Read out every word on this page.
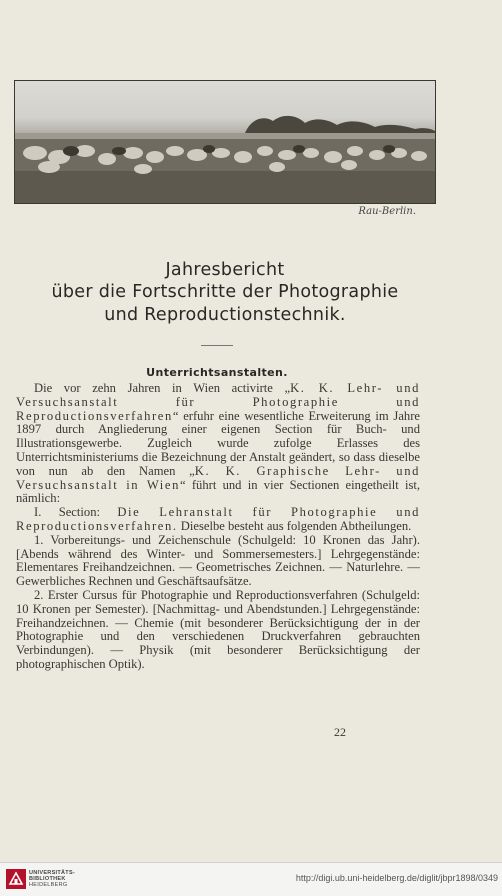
Rau-Berlin.
Jahresbericht
über die Fortschritte der Photographie
und Reproductionstechnik.
Unterrichtsanstalten.

Die vor zehn Jahren in Wien activirte „K. K. Lehr- und Versuchsanstalt für Photographie und Reproductionsverfahren“ erfuhr eine wesentliche Erweiterung im Jahre 1897 durch Angliederung einer eigenen Section für Buch- und Illustrationsgewerbe. Zugleich wurde zufolge Erlasses des Unterrichtsministeriums die Bezeichnung der Anstalt geändert, so dass dieselbe von nun ab den Namen „K. K. Graphische Lehr- und Versuchsanstalt in Wien“ führt und in vier Sectionen eingetheilt ist, nämlich:

I. Section: Die Lehranstalt für Photographie und Reproductionsverfahren. Dieselbe besteht aus folgenden Abtheilungen.

1. Vorbereitungs- und Zeichenschule (Schulgeld: 10 Kronen das Jahr). [Abends während des Winter- und Sommersemesters.] Lehrgegenstände: Elementares Freihandzeichnen. — Geometrisches Zeichnen. — Naturlehre. — Gewerbliches Rechnen und Geschäftsaufsätze.

2. Erster Cursus für Photographie und Reproductionsverfahren (Schulgeld: 10 Kronen per Semester). [Nachmittag- und Abendstunden.] Lehrgegenstände: Freihandzeichnen. — Chemie (mit besonderer Berücksichtigung der in der Photographie und den verschiedenen Druckverfahren gebrauchten Verbindungen). — Physik (mit besonderer Berücksichtigung der photographischen Optik).

22
UNIVERSITÄTS-
BIBLIOTHEK
HEIDELBERG
http://digi.ub.uni-heidelberg.de/diglit/jbpr1898/0349
